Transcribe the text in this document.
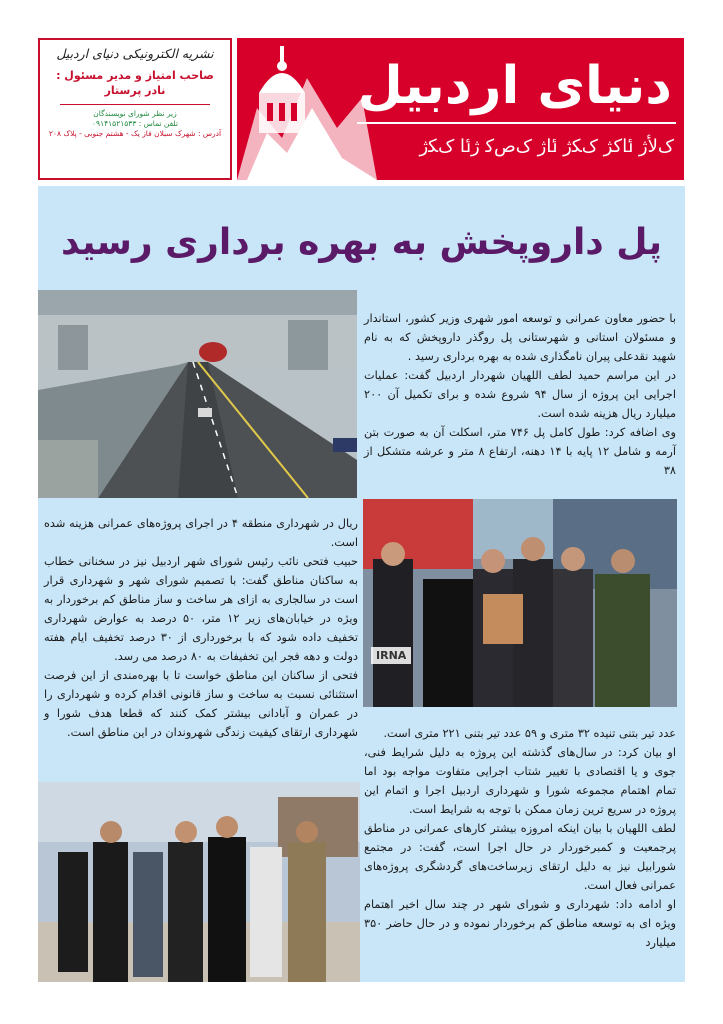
نشریه الکترونیکی دنیای اردبیل
صاحب امتیاز و مدیر مسئول :
نادر پرستار
زیر نظر شورای نویسندگان
تلفن تماس : ۰۹۱۴۱۵۲۱۵۳۳
آدرس : شهرک سبلان فاز یک - هشتم جنوبی - پلاک ۲۰۸
دنیای اردبیل
ﮎﻷﮊ ﯪﮐﮋ ﮎﮑﮊ ﯪﮊ ﮎﺹﮐ ﮊﯪ ﮎﮑﮊ
پل داروپخش به بهره برداری رسید
IRNA

با حضور معاون عمرانی و توسعه امور شهری وزیر کشور، استاندار و مسئولان استانی و شهرستانی پل روگذر داروپخش که به نام شهید نقدعلی پیران نامگذاری شده به بهره برداری رسید .

در این مراسم حمید لطف اللهیان شهردار اردبیل گفت: عملیات اجرایی این پروژه از سال ۹۴ شروع شده و برای تکمیل آن ۲۰۰ میلیارد ریال هزینه شده است.

وی اضافه کرد: طول کامل پل ۷۴۶ متر، اسکلت آن به صورت بتن آرمه و شامل ۱۲ پایه با ۱۴ دهنه، ارتفاع ۸ متر و عرشه متشکل از ۳۸

ریال در شهرداری منطقه ۴ در اجرای پروژه‌های عمرانی هزینه شده است.

حبیب فتحی نائب رئیس شورای شهر اردبیل نیز در سخنانی خطاب به ساکنان مناطق گفت: با تصمیم شورای شهر و شهرداری قرار است در سالجاری به ازای هر ساخت و ساز مناطق کم برخوردار به ویژه در خیابان‌های زیر ۱۲ متر، ۵۰ درصد به عوارض شهرداری تخفیف داده شود که با برخورداری از ۳۰ درصد تخفیف ایام هفته دولت و دهه فجر این تخفیفات به ۸۰ درصد می رسد.

فتحی از ساکنان این مناطق خواست تا با بهره‌مندی از این فرصت استثنائی نسبت به ساخت و ساز قانونی اقدام کرده و شهرداری را در عمران و آبادانی بیشتر کمک کنند که قطعا هدف شورا و شهرداری ارتقای کیفیت زندگی شهروندان در این مناطق است.	عدد تیر بتنی تنیده ۳۲ متری و ۵۹ عدد تیر بتنی ۲۲۱ متری است.

او بیان کرد: در سال‌های گذشته این پروژه به دلیل شرایط فنی، جوی و یا اقتصادی با تغییر شتاب اجرایی متفاوت مواجه بود اما تمام اهتمام مجموعه شورا و شهرداری اردبیل اجرا و اتمام این پروژه در سریع ترین زمان ممکن با توجه به شرایط است.

لطف اللهیان با بیان اینکه امروزه بیشتر کارهای عمرانی در مناطق پرجمعیت و کمبرخوردار در حال اجرا است، گفت: در مجتمع شورابیل نیز به دلیل ارتقای زیرساخت‌های گردشگری پروژه‌های عمرانی فعال است.

او ادامه داد: شهرداری و شورای شهر در چند سال اخیر اهتمام ویژه ای به توسعه مناطق کم برخوردار نموده و در حال حاضر ۳۵۰ میلیارد
